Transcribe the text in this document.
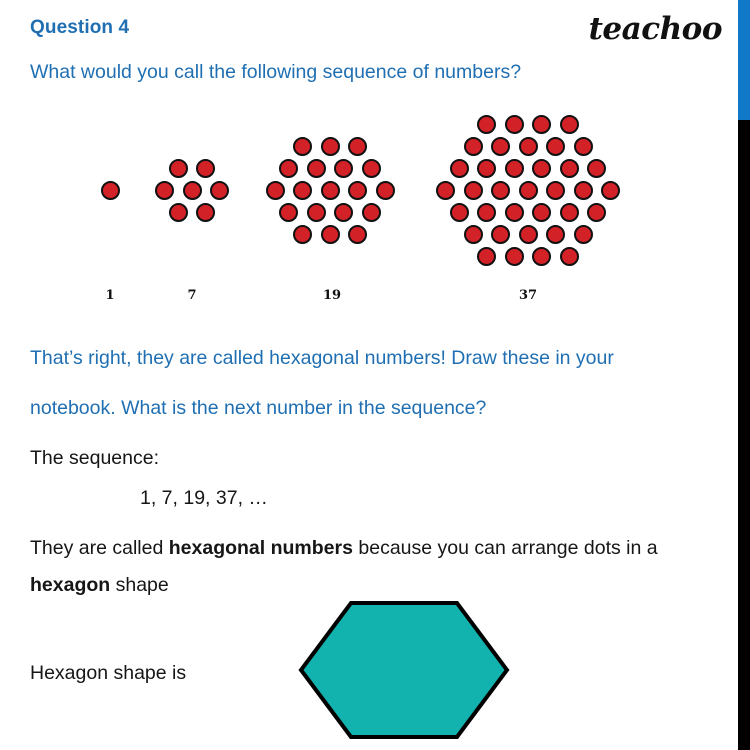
Question 4	teachoo
What would you call the following sequence of numbers?
1	7	19	37
That’s right, they are called hexagonal numbers! Draw these in your notebook. What is the next number in the sequence?
The sequence:
1, 7, 19, 37, …
They are called hexagonal numbers because you can arrange dots in a hexagon shape
Hexagon shape is
